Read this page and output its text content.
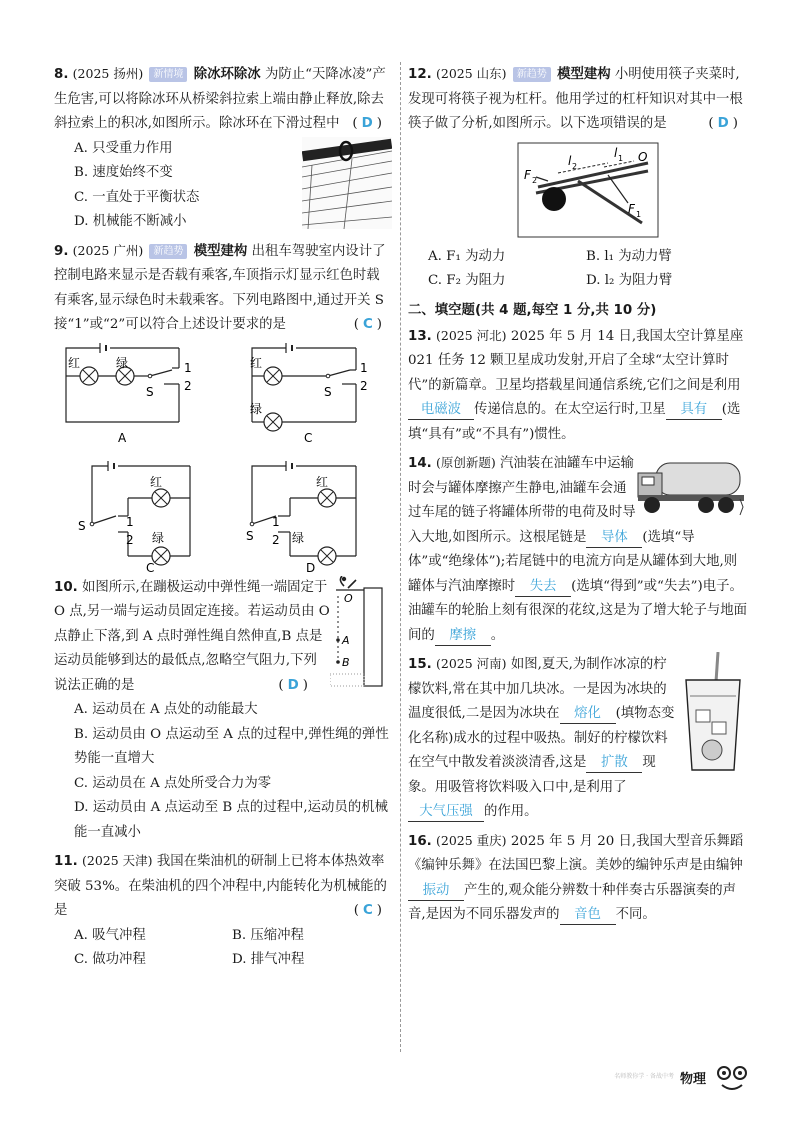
8. (2025 扬州) 新情境 除冰环除冰 为防止“天降冰凌”产生危害,可以将除冰环从桥梁斜拉索上端由静止释放,除去斜拉索上的积冰,如图所示。除冰环在下滑过程中 ( D )
A. 只受重力作用
B. 速度始终不变
C. 一直处于平衡状态
D. 机械能不断减小
9. (2025 广州) 新趋势 模型建构 出租车驾驶室内设计了控制电路来显示是否载有乘客,车顶指示灯显示红色时载有乘客,显示绿色时未载乘客。下列电路图中,通过开关 S 接“1”或“2”可以符合上述设计要求的是	( C )
红	绿
S
1
2
A
红
绿
S
1
2
C
红
绿
S	1
2
C
红
绿
S
1
2
D
O
A
B
10. 如图所示,在蹦极运动中弹性绳一端固定于 O 点,另一端与运动员固定连接。若运动员由 O 点静止下落,到 A 点时弹性绳自然伸直,B 点是运动员能够到达的最低点,忽略空气阻力,下列说法正确的是	( D )
A. 运动员在 A 点处的动能最大
B. 运动员由 O 点运动至 A 点的过程中,弹性绳的弹性势能一直增大
C. 运动员在 A 点处所受合力为零
D. 运动员由 A 点运动至 B 点的过程中,运动员的机械能一直减小
11. (2025 天津) 我国在柴油机的研制上已将本体热效率突破 53%。在柴油机的四个冲程中,内能转化为机械能的是	( C )
A. 吸气冲程	B. 压缩冲程
C. 做功冲程	D. 排气冲程
12. (2025 山东) 新趋势 模型建构 小明使用筷子夹菜时,发现可将筷子视为杠杆。他用学过的杠杆知识对其中一根筷子做了分析,如图所示。以下选项错误的是	( D )
F 2
l 2
l 1 O
F 1
A. F₁ 为动力	B. l₁ 为动力臂
C. F₂ 为阻力	D. l₂ 为阻力臂
二、填空题(共 4 题,每空 1 分,共 10 分)
13. (2025 河北) 2025 年 5 月 14 日,我国太空计算星座 021 任务 12 颗卫星成功发射,开启了全球“太空计算时代”的新篇章。卫星均搭载星间通信系统,它们之间是利用电磁波 传递信息的。在太空运行时,卫星 具有 (选填“具有”或“不具有”)惯性。
14. (原创新题) 汽油装在油罐车中运输时会与罐体摩擦产生静电,油罐车会通过车尾的链子将罐体所带的电荷及时导入大地,如图所示。这根尾链是 导体 (选填“导体”或“绝缘体”);若尾链中的电流方向是从罐体到大地,则罐体与汽油摩擦时 失去 (选填“得到”或“失去”)电子。油罐车的轮胎上刻有很深的花纹,这是为了增大轮子与地面间的 摩擦 。
15. (2025 河南) 如图,夏天,为制作冰凉的柠檬饮料,常在其中加几块冰。一是因为冰块的温度很低,二是因为冰块在 熔化 (填物态变化名称)成水的过程中吸热。制好的柠檬饮料在空气中散发着淡淡清香,这是 扩散 现象。用吸管将饮料吸入口中,是利用了大气压强 的作用。
16. (2025 重庆) 2025 年 5 月 20 日,我国大型音乐舞蹈《编钟乐舞》在法国巴黎上演。美妙的编钟乐声是由编钟振动 产生的,观众能分辨数十种伴奏古乐器演奏的声音,是因为不同乐器发声的 音色 不同。
名师教你学 · 备战中考 物理
